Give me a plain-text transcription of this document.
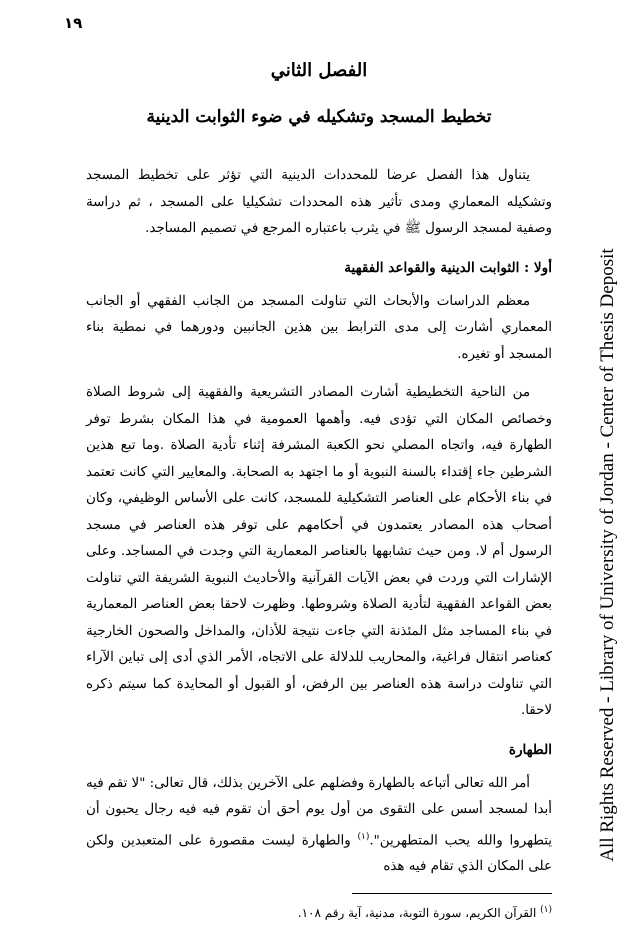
١٩
All Rights Reserved - Library of University of Jordan - Center of Thesis Deposit
الفصل الثاني
تخطيط المسجد وتشكيله في ضوء الثوابت الدينية

يتناول هذا الفصل عرضا للمحددات الدينية التي تؤثر على تخطيط المسجد وتشكيله المعماري ومدى تأثير هذه المحددات تشكيليا على المسجد ، ثم دراسة وصفية لمسجد الرسول ﷺ في يثرب باعتباره المرجع في تصميم المساجد.

أولا : الثوابت الدينية والقواعد الفقهية

معظم الدراسات والأبحاث التي تناولت المسجد من الجانب الفقهي أو الجانب المعماري أشارت إلى مدى الترابط بين هذين الجانبين ودورهما في نمطية بناء المسجد أو تغيره.

من الناحية التخطيطية أشارت المصادر التشريعية والفقهية إلى شروط الصلاة وخصائص المكان التي تؤدى فيه. وأهمها العمومية في هذا المكان بشرط توفر الطهارة فيه، واتجاه المصلي نحو الكعبة المشرفة إثناء تأدية الصلاة .وما تبع هذين الشرطين جاء إقتداء بالسنة النبوية أو ما اجتهد به الصحابة. والمعايير التي كانت تعتمد في بناء الأحكام على العناصر التشكيلية للمسجد، كانت على الأساس الوظيفي، وكان أصحاب هذه المصادر يعتمدون في أحكامهم على توفر هذه العناصر في مسجد الرسول أم لا. ومن حيث تشابهها بالعناصر المعمارية التي وجدت في المساجد. وعلى الإشارات التي وردت في بعض الآيات القرآنية والأحاديث النبوية الشريفة التي تناولت بعض القواعد الفقهية لتأدية الصلاة وشروطها. وظهرت لاحقا بعض العناصر المعمارية في بناء المساجد مثل المئذنة التي جاءت نتيجة للأذان، والمداخل والصحون الخارجية كعناصر انتقال فراغية، والمحاريب للدلالة على الاتجاه، الأمر الذي أدى إلى تباين الآراء التي تناولت دراسة هذه العناصر بين الرفض، أو القبول أو المحايدة كما سيتم ذكره لاحقا.

الطهارة

أمر الله تعالى أتباعه بالطهارة وفضلهم على الآخرين بذلك، قال تعالى: "لا تقم فيه أبدا لمسجد أسس على التقوى من أول يوم أحق أن تقوم فيه فيه رجال يحبون أن يتطهروا والله يحب المتطهرين".$^{(١)}$ والطهارة ليست مقصورة على المتعبدين ولكن على المكان الذي تقام فيه هذه

$^{(١)}$ القرآن الكريم، سورة التوبة، مدنية، آية رقم ١٠٨.
